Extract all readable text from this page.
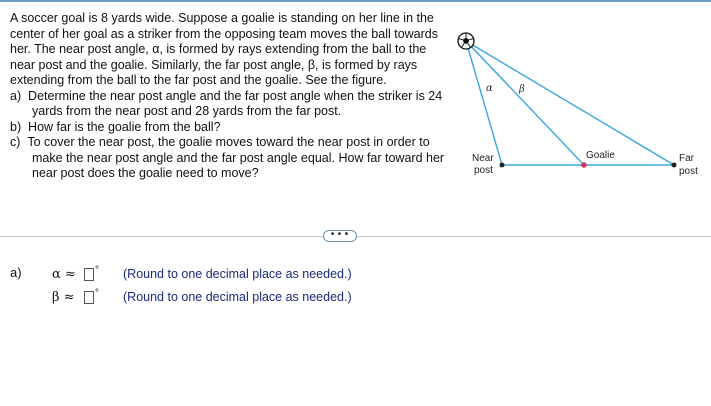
A soccer goal is 8 yards wide. Suppose a goalie is standing on her line in the center of her goal as a striker from the opposing team moves the ball towards her. The near post angle, α, is formed by rays extending from the ball to the near post and the goalie. Similarly, the far post angle, β, is formed by rays extending from the ball to the far post and the goalie. See the figure.

a)  Determine the near post angle and the far post angle when the striker is 24 yards from the near post and 28 yards from the far post.

b)  How far is the goalie from the ball?

c)  To cover the near post, the goalie moves toward the near post in order to make the near post angle and the far post angle equal. How far toward her near post does the goalie need to move?

α	β
Near
post
Goalie	Far
post
•••
a) α ≈	° (Round to one decimal place as needed.)
β ≈	° (Round to one decimal place as needed.)
